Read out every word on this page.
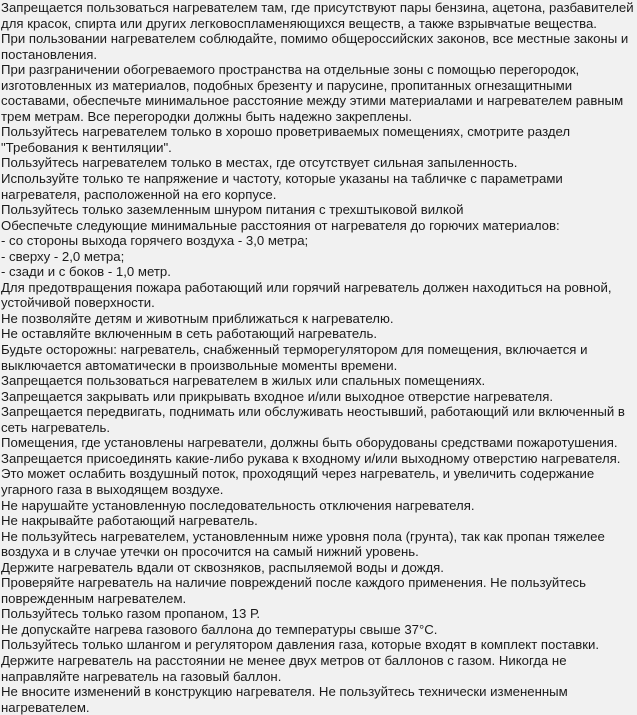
Запрещается пользоваться нагревателем там, где присутствуют пары бензина, ацетона, разбавителей для красок, спирта или других легковоспламеняющихся веществ, а также взрывчатые вещества.

При пользовании нагревателем соблюдайте, помимо общероссийских законов, все местные законы и постановления.

При разграничении обогреваемого пространства на отдельные зоны с помощью перегородок, изготовленных из материалов, подобных брезенту и парусине, пропитанных огнезащитными составами, обеспечьте минимальное расстояние между этими материалами и нагревателем равным трем метрам. Все перегородки должны быть надежно закреплены.

Пользуйтесь нагревателем только в хорошо проветриваемых помещениях, смотрите раздел "Требования к вентиляции".

Пользуйтесь нагревателем только в местах, где отсутствует сильная запыленность.

Используйте только те напряжение и частоту, которые указаны на табличке с параметрами нагревателя, расположенной на его корпусе.

Пользуйтесь только заземленным шнуром питания с трехштыковой вилкой

Обеспечьте следующие минимальные расстояния от нагревателя до горючих материалов:

- со стороны выхода горячего воздуха - 3,0 метра;

- сверху - 2,0 метра;

- сзади и с боков - 1,0 метр.

Для предотвращения пожара работающий или горячий нагреватель должен находиться на ровной, устойчивой поверхности.

Не позволяйте детям и животным приближаться к нагревателю.

Не оставляйте включенным в сеть работающий нагреватель.

Будьте осторожны: нагреватель, снабженный терморегулятором для помещения, включается и выключается автоматически в произвольные моменты времени.

Запрещается пользоваться нагревателем в жилых или спальных помещениях.

Запрещается закрывать или прикрывать входное и/или выходное отверстие нагревателя.

Запрещается передвигать, поднимать или обслуживать неостывший, работающий или включенный в сеть нагреватель.

Помещения, где установлены нагреватели, должны быть оборудованы средствами пожаротушения.

Запрещается присоединять какие-либо рукава к входному и/или выходному отверстию нагревателя. Это может ослабить воздушный поток, проходящий через нагреватель, и увеличить содержание угарного газа в выходящем воздухе.

Не нарушайте установленную последовательность отключения нагревателя.

Не накрывайте работающий нагреватель.

Не пользуйтесь нагревателем, установленным ниже уровня пола (грунта), так как пропан тяжелее воздуха и в случае утечки он просочится на самый нижний уровень.

Держите нагреватель вдали от сквозняков, распыляемой воды и дождя.

Проверяйте нагреватель на наличие повреждений после каждого применения. Не пользуйтесь поврежденным нагревателем.

Пользуйтесь только газом пропаном, 13 Р.

Не допускайте нагрева газового баллона до температуры свыше 37°С.

Пользуйтесь только шлангом и регулятором давления газа, которые входят в комплект поставки.

Держите нагреватель на расстоянии не менее двух метров от баллонов с газом. Никогда не направляйте нагреватель на газовый баллон.

Не вносите изменений в конструкцию нагревателя. Не пользуйтесь технически измененным нагревателем.
